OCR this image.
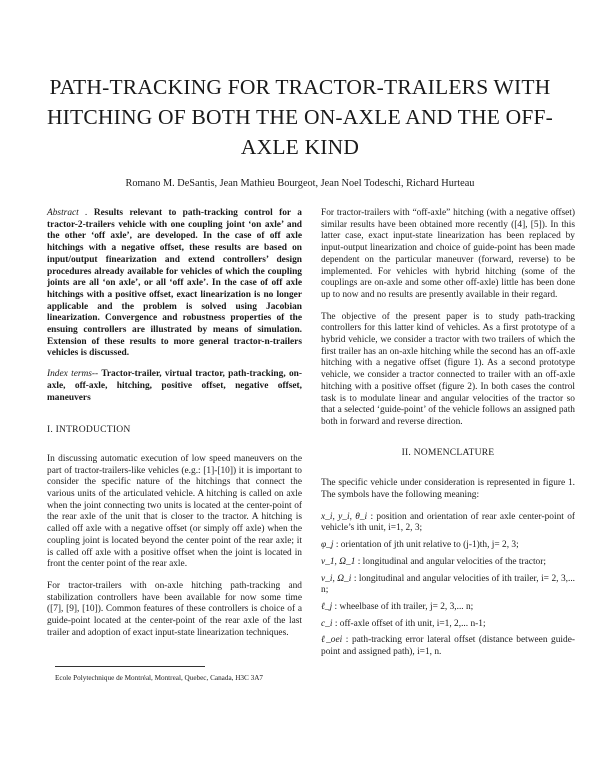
PATH-TRACKING FOR TRACTOR-TRAILERS WITH HITCHING OF BOTH THE ON-AXLE AND THE OFF-AXLE KIND
Romano M. DeSantis, Jean Mathieu Bourgeot, Jean Noel Todeschi, Richard Hurteau

Abstract . Results relevant to path-tracking control for a tractor-2-trailers vehicle with one coupling joint ‘on axle’ and the other ‘off axle’, are developed. In the case of off axle hitchings with a negative offset, these results are based on input/output finearization and extend controllers’ design procedures already available for vehicles of which the coupling joints are all ‘on axle’, or all ‘off axle’. In the case of off axle hitchings with a positive offset, exact linearization is no longer applicable and the problem is solved using Jacobian linearization. Convergence and robustness properties of the ensuing controllers are illustrated by means of simulation. Extension of these results to more general tractor-n-trailers vehicles is discussed.

Index terms-- Tractor-trailer, virtual tractor, path-tracking, on-axle, off-axle, hitching, positive offset, negative offset, maneuvers

I. INTRODUCTION

In discussing automatic execution of low speed maneuvers on the part of tractor-trailers-like vehicles (e.g.: [1]-[10]) it is important to consider the specific nature of the hitchings that connect the various units of the articulated vehicle. A hitching is called on axle when the joint connecting two units is located at the center-point of the rear axle of the unit that is closer to the tractor. A hitching is called off axle with a negative offset (or simply off axle) when the coupling joint is located beyond the center point of the rear axle; it is called off axle with a positive offset when the joint is located in front the center point of the rear axle.

For tractor-trailers with on-axle hitching path-tracking and stabilization controllers have been available for now some time ([7], [9], [10]). Common features of these controllers is choice of a guide-point located at the center-point of the rear axle of the last trailer and adoption of exact input-state linearization techniques.

Ecole Polytechnique de Montréal, Montreal, Quebec, Canada, H3C 3A7

For tractor-trailers with “off-axle” hitching (with a negative offset) similar results have been obtained more recently ([4], [5]). In this latter case, exact input-state linearization has been replaced by input-output linearization and choice of guide-point has been made dependent on the particular maneuver (forward, reverse) to be implemented. For vehicles with hybrid hitching (some of the couplings are on-axle and some other off-axle) little has been done up to now and no results are presently available in their regard.

The objective of the present paper is to study path-tracking controllers for this latter kind of vehicles. As a first prototype of a hybrid vehicle, we consider a tractor with two trailers of which the first trailer has an on-axle hitching while the second has an off-axle hitching with a negative offset (figure 1). As a second prototype vehicle, we consider a tractor connected to trailer with an off-axle hitching with a positive offset (figure 2). In both cases the control task is to modulate linear and angular velocities of the tractor so that a selected ‘guide-point’ of the vehicle follows an assigned path both in forward and reverse direction.

II. NOMENCLATURE

The specific vehicle under consideration is represented in figure 1. The symbols have the following meaning:

x_i, y_i, θ_i : position and orientation of rear axle center-point of vehicle’s ith unit, i=1, 2, 3;
φ_j : orientation of jth unit relative to (j-1)th, j= 2, 3;
v_1, Ω_1 : longitudinal and angular velocities of the tractor;
v_i, Ω_i : longitudinal and angular velocities of ith trailer, i= 2, 3,... n;
ℓ_j : wheelbase of ith trailer, j= 2, 3,... n;
c_i : off-axle offset of ith unit, i=1, 2,... n-1;
ℓ_oei : path-tracking error lateral offset (distance between guide-point and assigned path), i=1, n.
